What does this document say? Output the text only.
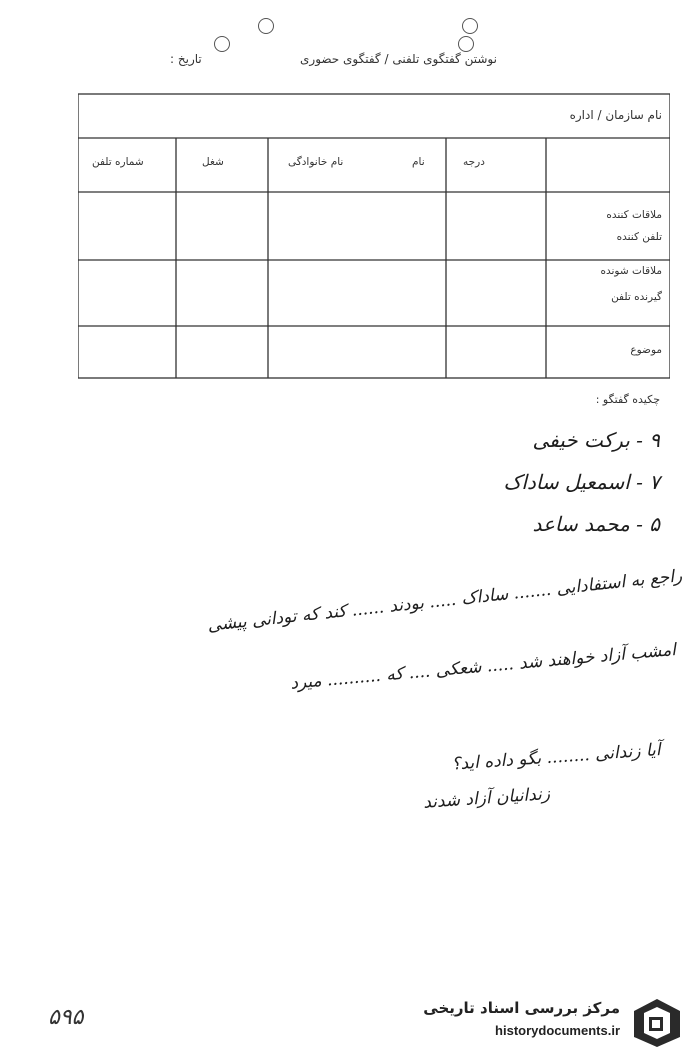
نوشتن گفتگوی تلفنی / گفتگوی حضوری
تاریخ :
نام سازمان / اداره
درجه
نام
نام خانوادگی
شغل
شماره تلفن
ملاقات کننده
تلفن کننده
ملاقات شونده
گیرنده تلفن
موضوع
چکیده گفتگو :
۹ - برکت خیفی
۷ - اسمعیل ساداک
۵ - محمد ساعد
راجع به استفادایی ....... ساداک ..... بودند ...... کند که تودانی پیشی
امشب آزاد خواهند شد ..... شعکی .... که .......... میرد
آیا زندانی ........ بگو داده اید؟
زندانیان آزاد شدند
۵۹۵	مرکز بررسی اسناد تاریخی
historydocuments.ir
